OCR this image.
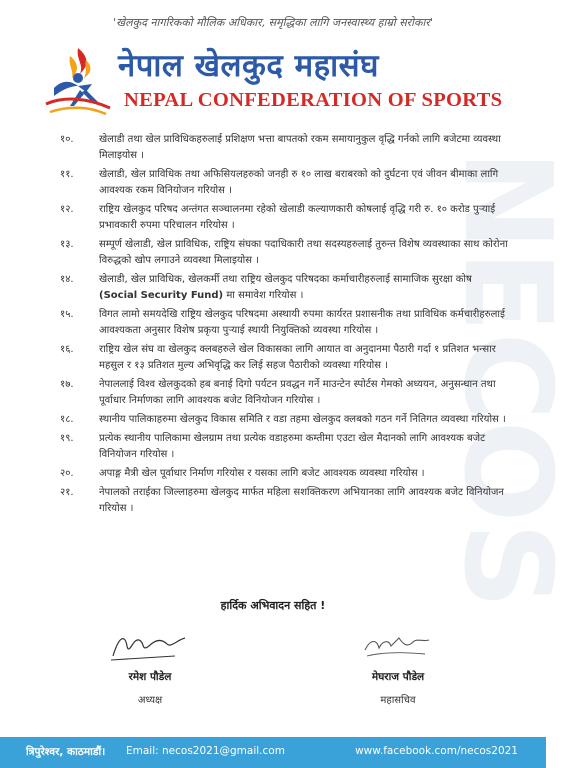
NECOS
'खेलकुद नागरिकको मौलिक अधिकार, समृद्धिका लागि जनस्वास्थ्य हाम्रो सरोकार'
नेपाल खेलकुद महासंघ
NEPAL CONFEDERATION OF SPORTS
१०.	खेलाडी तथा खेल प्राविधिकहरुलाई प्रशिक्षण भत्ता बापतको रकम समायानुकुल वृद्धि गर्नको लागि बजेटमा व्यवस्था मिलाइयोस ।
११.	खेलाडी, खेल प्राविधिक तथा अफिसियलहरुको जनही रु १० लाख बराबरको को दुर्घटना एवं जीवन बीमाका लागि आवश्यक रकम विनियोजन गरियोस ।
१२.	राष्ट्रिय खेलकुद परिषद अन्तंगत सञ्चालनमा रहेको खेलाडी कल्याणकारी कोषलाई वृद्धि गरी रु. १० करोड पुऱ्याई प्रभावकारी रुपमा परिचालन गरियोस ।
१३.	सम्पूर्ण खेलाडी, खेल प्राविधिक, राष्ट्रिय संघका पदाधिकारी तथा सदस्यहरुलाई तुरुन्त विशेष व्यवस्थाका साथ कोरोना विरुद्धको खोप लगाउने व्यवस्था मिलाइयोस ।
१४.	खेलाडी, खेल प्राविधिक, खेलकर्मी तथा राष्ट्रिय खेलकुद परिषदका कर्माचारीहरुलाई सामाजिक सुरक्षा कोष (Social Security Fund) मा समावेश गरियोस ।
१५.	विगत लामो समयदेखि राष्ट्रिय खेलकुद परिषदमा अस्थायी रुपमा कार्यरत प्रशासनीक तथा प्राविधिक कर्मचारीहरुलाई आवश्यकता अनुसार विशेष प्रकृया पुऱ्याई स्थायी नियुक्तिको व्यवस्था गरियोस ।
१६.	राष्ट्रिय खेल संघ वा खेलकुद क्लबहरुले खेल विकासका लागि आयात वा अनुदानमा पैठारी गर्दा १ प्रतिशत भन्सार महसुल र १३ प्रतिशत मुल्य अभिवृद्धि कर लिई सहज पैठारीको व्यवस्था गरियोस ।
१७.	नेपाललाई विश्व खेलकुदको हब बनाई दिगो पर्यटन प्रवद्धन गर्ने माउन्टेन स्पोर्टस गेमको अध्ययन, अनुसन्धान तथा पूर्वाधार निर्माणका लागि आवश्यक बजेट विनियोजन गरियोस ।
१८.	स्थानीय पालिकाहरुमा खेलकुद विकास समिति र वडा तहमा खेलकुद क्लबको गठन गर्ने नितिगत व्यवस्था गरियोस ।
१९.	प्रत्येक स्थानीय पालिकामा खेलग्राम तथा प्रत्येक वडाहरुमा कम्तीमा एउटा खेल मैदानको लागि आवश्यक बजेट विनियोजन गरियोस ।
२०.	अपाङ्ग मैत्री खेल पूर्वाधार निर्माण गरियोस र यसका लागि बजेट आवश्यक व्यवस्था गरियोस ।
२१.	नेपालको तराईका जिल्लाहरुमा खेलकुद मार्फत महिला सशक्तिकरण अभियानका लागि आवश्यक बजेट विनियोजन गरियोस ।
हार्दिक अभिवादन सहित !
रमेश पौडेल
अध्यक्ष
मेघराज पौडेल
महासचिव
त्रिपुरेश्वर, काठमाडौं। Email: necos2021@gmail.com	www.facebook.com/necos2021
